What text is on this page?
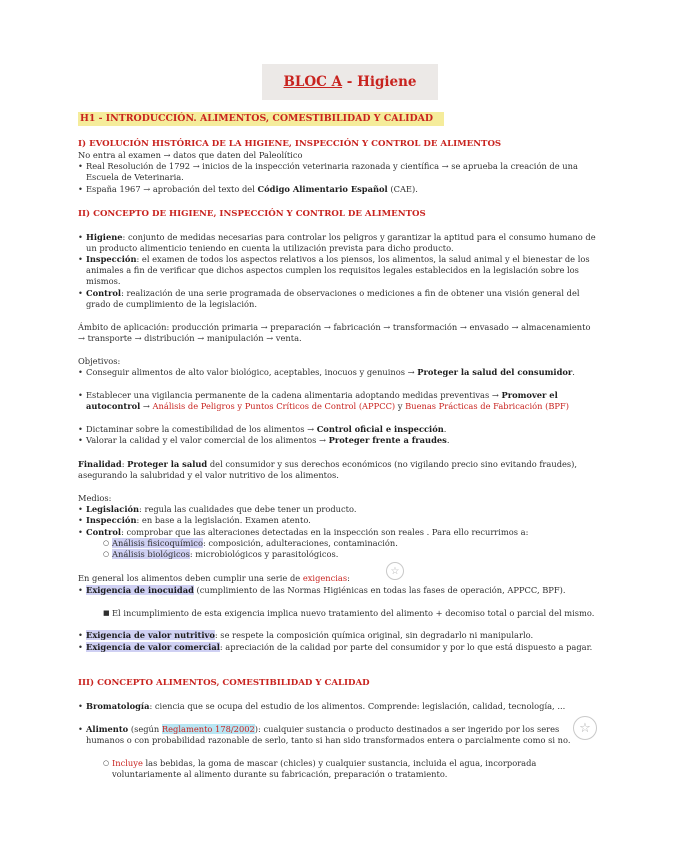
BLOC A - Higiene
H1 - INTRODUCCIÓN. ALIMENTOS, COMESTIBILIDAD Y CALIDAD
I) EVOLUCIÓN HISTÓRICA DE LA HIGIENE, INSPECCIÓN Y CONTROL DE ALIMENTOS
No entra al examen → datos que daten del Paleolítico
• Real Resolución de 1792 → inicios de la inspección veterinaria razonada y científica → se aprueba la creación de una Escuela de Veterinaria.
• España 1967 → aprobación del texto del Código Alimentario Español (CAE).
II) CONCEPTO DE HIGIENE, INSPECCIÓN Y CONTROL DE ALIMENTOS
• Higiene: conjunto de medidas necesarias para controlar los peligros y garantizar la aptitud para el consumo humano de un producto alimenticio teniendo en cuenta la utilización prevista para dicho producto.
• Inspección: el examen de todos los aspectos relativos a los piensos, los alimentos, la salud animal y el bienestar de los animales a fin de verificar que dichos aspectos cumplen los requisitos legales establecidos en la legislación sobre los mismos.
• Control: realización de una serie programada de observaciones o mediciones a fin de obtener una visión general del grado de cumplimiento de la legislación.
Ámbito de aplicación: producción primaria → preparación → fabricación → transformación → envasado → almacenamiento → transporte → distribución → manipulación → venta.
Objetivos:
• Conseguir alimentos de alto valor biológico, aceptables, inocuos y genuinos → Proteger la salud del consumidor.
• Establecer una vigilancia permanente de la cadena alimentaria adoptando medidas preventivas → Promover el autocontrol → Análisis de Peligros y Puntos Críticos de Control (APPCC) y Buenas Prácticas de Fabricación (BPF)
• Dictaminar sobre la comestibilidad de los alimentos → Control oficial e inspección.
• Valorar la calidad y el valor comercial de los alimentos → Proteger frente a fraudes.
Finalidad: Proteger la salud del consumidor y sus derechos económicos (no vigilando precio sino evitando fraudes), asegurando la salubridad y el valor nutritivo de los alimentos.
Medios:
• Legislación: regula las cualidades que debe tener un producto.
• Inspección: en base a la legislación. Examen atento.
• Control: comprobar que las alteraciones detectadas en la inspección son reales . Para ello recurrimos a:
○ Análisis fisicoquímico: composición, adulteraciones, contaminación.
○ Análisis biológicos: microbiológicos y parasitológicos.
☆
En general los alimentos deben cumplir una serie de exigencias:
• Exigencia de inocuidad (cumplimiento de las Normas Higiénicas en todas las fases de operación, APPCC, BPF).
■ El incumplimiento de esta exigencia implica nuevo tratamiento del alimento + decomiso total o parcial del mismo.
• Exigencia de valor nutritivo: se respete la composición química original, sin degradarlo ni manipularlo.
• Exigencia de valor comercial: apreciación de la calidad por parte del consumidor y por lo que está dispuesto a pagar.
III) CONCEPTO ALIMENTOS, COMESTIBILIDAD Y CALIDAD
• Bromatología: ciencia que se ocupa del estudio de los alimentos. Comprende: legislación, calidad, tecnología, ...
• Alimento (según Reglamento 178/2002): cualquier sustancia o producto destinados a ser ingerido por los seres humanos o con probabilidad razonable de serlo, tanto si han sido transformados entera o parcialmente como si no.
○ Incluye las bebidas, la goma de mascar (chicles) y cualquier sustancia, incluida el agua, incorporada voluntariamente al alimento durante su fabricación, preparación o tratamiento.
☆
